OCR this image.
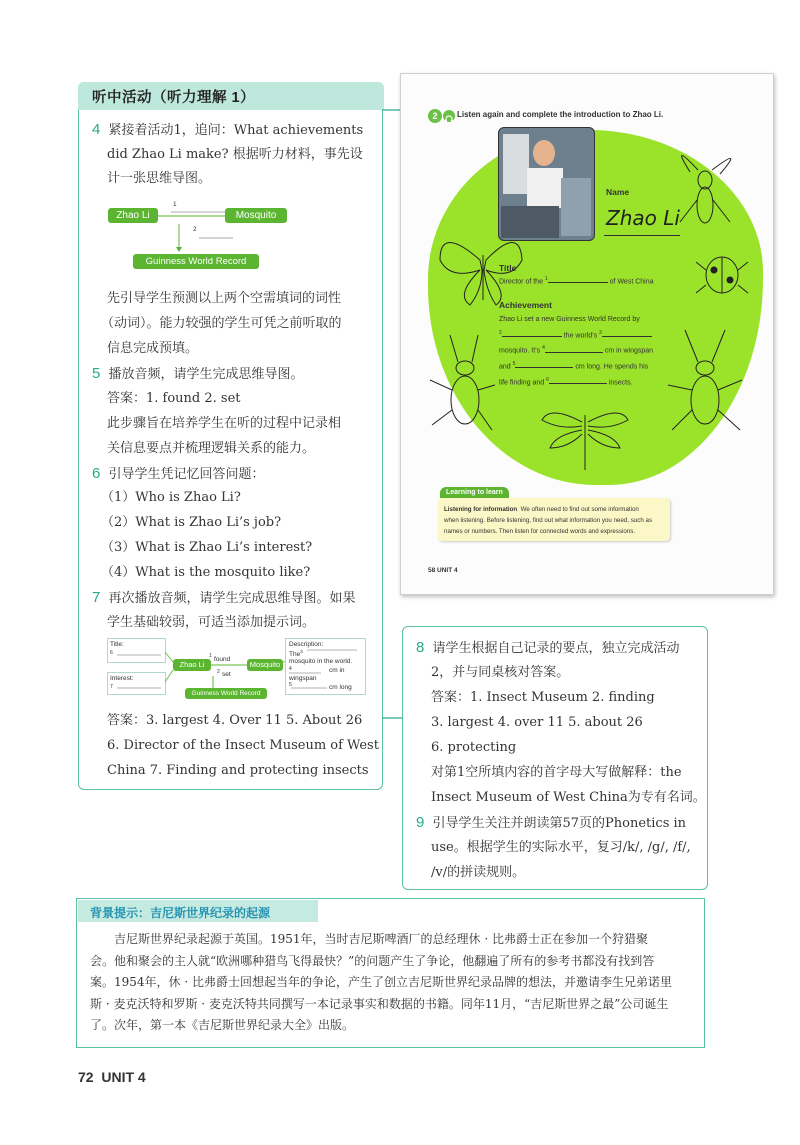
听中活动（听力理解 1）
4 紧接着活动1，追问：What achievements
did Zhao Li make? 根据听力材料，事先设
计一张思维导图。
Zhao Li	Mosquito
Guinness World Record
1
2
先引导学生预测以上两个空需填词的词性
（动词）。能力较强的学生可凭之前听取的
信息完成预填。
5 播放音频，请学生完成思维导图。
答案：1. found 2. set
此步骤旨在培养学生在听的过程中记录相
关信息要点并梳理逻辑关系的能力。
6 引导学生凭记忆回答问题：
（1）Who is Zhao Li?
（2）What is Zhao Li’s job?
（3）What is Zhao Li’s interest?
（4）What is the mosquito like?
7 再次播放音频，请学生完成思维导图。如果
学生基础较弱，可适当添加提示词。
Title:
6
Interest:
7
Zhao Li
1 found
Mosquito
2 set
Guinness World Record
Description:
The$^3$
mosquito in the world.
4	cm in
wingspan
5	cm long
答案：3. largest 4. Over 11 5. About 26
6. Director of the Insect Museum of West
China 7. Finding and protecting insects
2	Listen again and complete the introduction to Zhao Li.
Name
Zhao Li
Title
Director of the $^1$	of West China
Achievement
Zhao Li set a new Guinness World Record by
$^2$	the world’s $^3$
mosquito. It’s $^4$	cm in wingspan
and $^5$	cm long. He spends his
life finding and $^6$	insects.
Learning to learn
Listening for information We often need to find out some information
when listening. Before listening, find out what information you need, such as
names or numbers. Then listen for connected words and expressions.
58 UNIT 4
8 请学生根据自己记录的要点，独立完成活动
2，并与同桌核对答案。
答案：1. Insect Museum 2. finding
3. largest 4. over 11 5. about 26
6. protecting
对第1空所填内容的首字母大写做解释：the
Insect Museum of West China为专有名词。
9 引导学生关注并朗读第57页的Phonetics in
use。根据学生的实际水平，复习/k/, /g/, /f/,
/v/的拼读规则。
背景提示：吉尼斯世界纪录的起源
吉尼斯世界纪录起源于英国。1951年，当时吉尼斯啤酒厂的总经理休 · 比弗爵士正在参加一个狩猎聚
会。他和聚会的主人就“欧洲哪种猎鸟飞得最快？”的问题产生了争论，他翻遍了所有的参考书都没有找到答
案。1954年，休 · 比弗爵士回想起当年的争论，产生了创立吉尼斯世界纪录品牌的想法，并邀请李生兄弟诺里
斯 · 麦克沃特和罗斯 · 麦克沃特共同撰写一本记录事实和数据的书籍。同年11月，“吉尼斯世界之最”公司诞生
了。次年，第一本《吉尼斯世界纪录大全》出版。
72 UNIT 4
